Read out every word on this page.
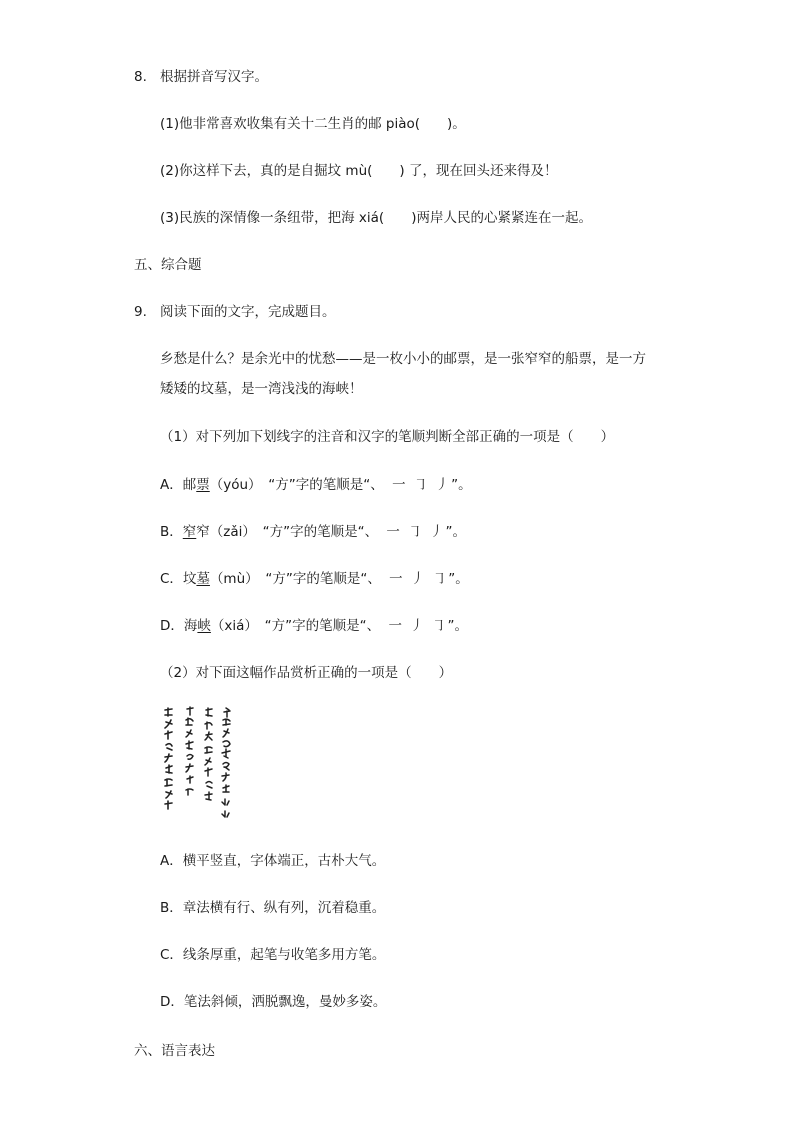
8. 根据拼音写汉字。
(1)他非常喜欢收集有关十二生肖的邮 piào(　　)。
(2)你这样下去，真的是自掘坟 mù(　　) 了，现在回头还来得及！
(3)民族的深情像一条纽带，把海 xiá(　　)两岸人民的心紧紧连在一起。
五、综合题
9. 阅读下面的文字，完成题目。
乡愁是什么？是余光中的忧愁——是一枚小小的邮票，是一张窄窄的船票，是一方
矮矮的坟墓，是一湾浅浅的海峡！
（1）对下列加下划线字的注音和汉字的笔顺判断全部正确的一项是（　　）
A．邮票（yóu）　“方”字的笔顺是“、 一 ㇆ 丿”。
B．窄窄（zǎi）　“方”字的笔顺是“、 一 ㇆ 丿”。
C．坟墓（mù）　“方”字的笔顺是“、 一 丿 ㇆”。
D．海峡（xiá）　“方”字的笔顺是“、 一 丿 ㇆”。
（2）对下面这幅作品赏析正确的一项是（　　）
A．横平竖直，字体端正，古朴大气。
B．章法横有行、纵有列，沉着稳重。
C．线条厚重，起笔与收笔多用方笔。
D．笔法斜倾，洒脱飘逸，曼妙多姿。
六、语言表达
